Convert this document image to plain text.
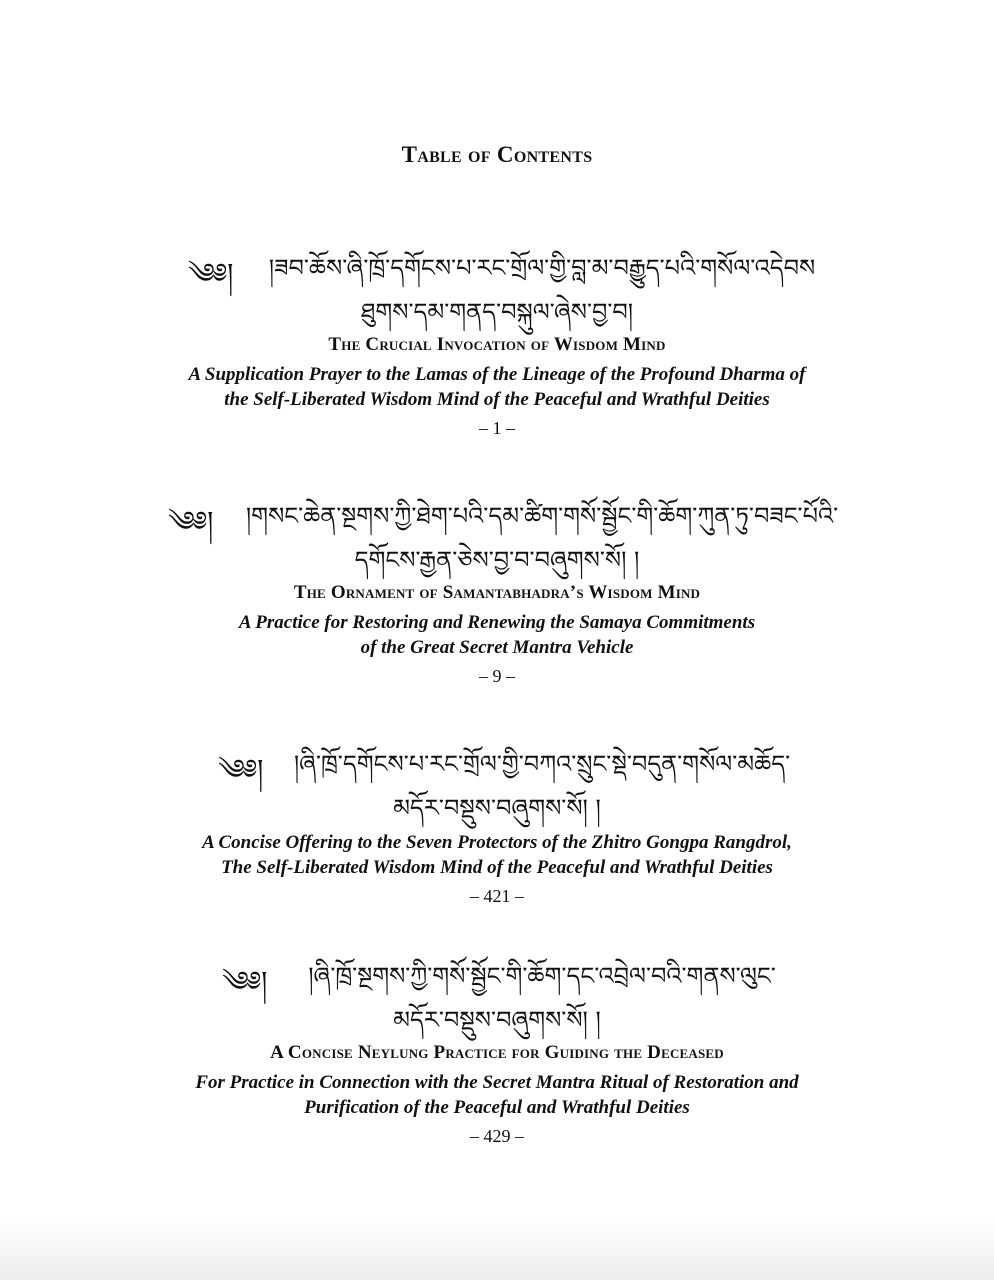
Table of Contents
༄༅།	།ཟབ་ཆོས་ཞི་ཁྲོ་དགོངས་པ་རང་གྲོལ་གྱི་བླ་མ་བརྒྱུད་པའི་གསོལ་འདེབས
ཐུགས་དམ་གནད་བསྐུལ་ཞེས་བྱ་བ།

The Crucial Invocation of Wisdom Mind

A Supplication Prayer to the Lamas of the Lineage of the Profound Dharma of

the Self-Liberated Wisdom Mind of the Peaceful and Wrathful Deities

– 1 –
༄༅།	།གསང་ཆེན་སྔགས་ཀྱི་ཐེག་པའི་དམ་ཚིག་གསོ་སྦྱོང་གི་ཆོག་ཀུན་ཏུ་བཟང་པོའི་
དགོངས་རྒྱན་ཅེས་བྱ་བ་བཞུགས་སོ། །

The Ornament of Samantabhadra’s Wisdom Mind

A Practice for Restoring and Renewing the Samaya Commitments

of the Great Secret Mantra Vehicle

– 9 –
༄༅།	།ཞི་ཁྲོ་དགོངས་པ་རང་གྲོལ་གྱི་བཀའ་སྲུང་སྡེ་བདུན་གསོལ་མཆོད་
མདོར་བསྡུས་བཞུགས་སོ། །

A Concise Offering to the Seven Protectors of the Zhitro Gongpa Rangdrol,

The Self-Liberated Wisdom Mind of the Peaceful and Wrathful Deities

– 421 –
༄༅།	།ཞི་ཁྲོ་སྔགས་ཀྱི་གསོ་སྦྱོང་གི་ཆོག་དང་འབྲེལ་བའི་གནས་ལུང་
མདོར་བསྡུས་བཞུགས་སོ། །

A Concise Neylung Practice for Guiding the Deceased

For Practice in Connection with the Secret Mantra Ritual of Restoration and

Purification of the Peaceful and Wrathful Deities

– 429 –
